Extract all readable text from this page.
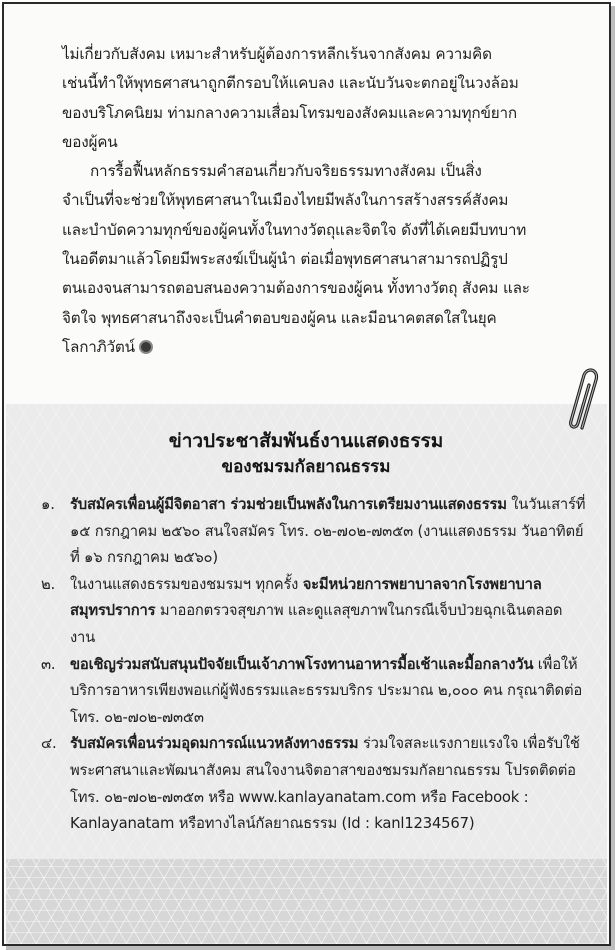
ไม่เกี่ยวกับสังคม เหมาะสำหรับผู้ต้องการหลีกเร้นจากสังคม ความคิด
เช่นนี้ทำให้พุทธศาสนาถูกตีกรอบให้แคบลง และนับวันจะตกอยู่ในวงล้อม
ของบริโภคนิยม ท่ามกลางความเสื่อมโทรมของสังคมและความทุกข์ยาก
ของผู้คน

การรื้อฟื้นหลักธรรมคำสอนเกี่ยวกับจริยธรรมทางสังคม เป็นสิ่ง
จำเป็นที่จะช่วยให้พุทธศาสนาในเมืองไทยมีพลังในการสร้างสรรค์สังคม
และบำบัดความทุกข์ของผู้คนทั้งในทางวัตถุและจิตใจ ดังที่ได้เคยมีบทบาท
ในอดีตมาแล้วโดยมีพระสงฆ์เป็นผู้นำ ต่อเมื่อพุทธศาสนาสามารถปฏิรูป
ตนเองจนสามารถตอบสนองความต้องการของผู้คน ทั้งทางวัตถุ สังคม และ
จิตใจ พุทธศาสนาถึงจะเป็นคำตอบของผู้คน และมีอนาคตสดใสในยุค
โลกาภิวัตน์

ข่าวประชาสัมพันธ์งานแสดงธรรม
ของชมรมกัลยาณธรรม
๑. รับสมัครเพื่อนผู้มีจิตอาสา ร่วมช่วยเป็นพลังในการเตรียมงานแสดงธรรม ในวันเสาร์ที่ ๑๕ กรกฎาคม ๒๕๖๐ สนใจสมัคร โทร. ๐๒-๗๐๒-๗๓๕๓ (งานแสดงธรรม วันอาทิตย์ที่ ๑๖ กรกฎาคม ๒๕๖๐)
๒. ในงานแสดงธรรมของชมรมฯ ทุกครั้ง จะมีหน่วยการพยาบาลจากโรงพยาบาลสมุทรปราการ มาออกตรวจสุขภาพ และดูแลสุขภาพในกรณีเจ็บป่วยฉุกเฉินตลอดงาน
๓. ขอเชิญร่วมสนับสนุนปัจจัยเป็นเจ้าภาพโรงทานอาหารมื้อเช้าและมื้อกลางวัน เพื่อให้บริการอาหารเพียงพอแก่ผู้ฟังธรรมและธรรมบริกร ประมาณ ๒,๐๐๐ คน กรุณาติดต่อ โทร. ๐๒-๗๐๒-๗๓๕๓
๔. รับสมัครเพื่อนร่วมอุดมการณ์แนวหลังทางธรรม ร่วมใจสละแรงกายแรงใจ เพื่อรับใช้พระศาสนาและพัฒนาสังคม สนใจงานจิตอาสาของชมรมกัลยาณธรรม โปรดติดต่อ โทร. ๐๒-๗๐๒-๗๓๕๓ หรือ www.kanlayanatam.com หรือ Facebook : Kanlayanatam หรือทางไลน์กัลยาณธรรม (Id : kanl1234567)
